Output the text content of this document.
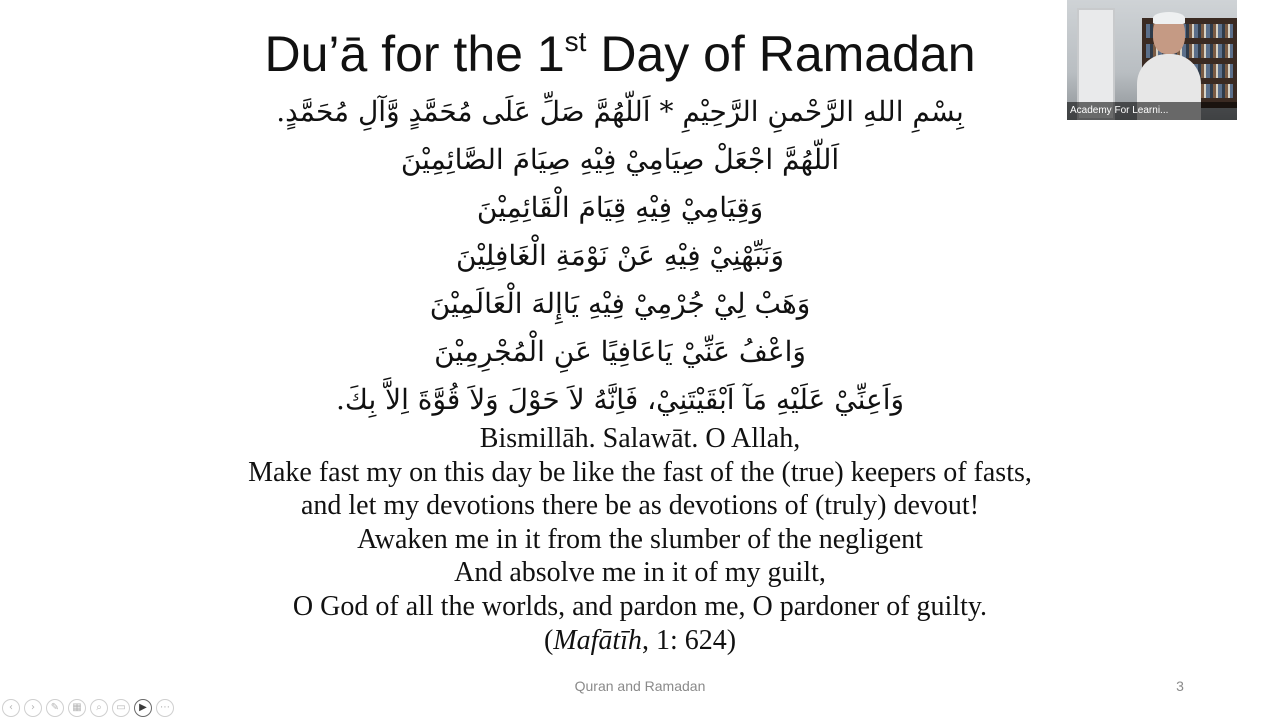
Du’ā for the 1st Day of Ramadan
بِسْمِ اللهِ الرَّحْمنِ الرَّحِيْمِ * اَللّهُمَّ صَلِّ عَلَى مُحَمَّدٍ وَّآلِ مُحَمَّدٍ.
اَللّهُمَّ اجْعَلْ صِيَامِيْ فِيْهِ صِيَامَ الصَّائِمِيْنَ
وَقِيَامِيْ فِيْهِ قِيَامَ الْقَائِمِيْنَ
وَنَبِّهْنِيْ فِيْهِ عَنْ نَوْمَةِ الْغَافِلِيْنَ
وَهَبْ لِيْ جُرْمِيْ فِيْهِ يَاإِلهَ الْعَالَمِيْنَ
وَاعْفُ عَنِّيْ يَاعَافِيًا عَنِ الْمُجْرِمِيْنَ
وَاَعِنِّيْ عَلَيْهِ مَآ اَبْقَيْتَنِيْ، فَاِنَّهُ لاَ حَوْلَ وَلاَ قُوَّةَ اِلاَّ بِكَ.
Bismillāh. Salawāt. O Allah,
Make fast my on this day be like the fast of the (true) keepers of fasts,
and let my devotions there be as devotions of (truly) devout!
Awaken me in it from the slumber of the negligent
And absolve me in it of my guilt,
O God of all the worlds, and pardon me, O pardoner of guilty.
(Mafātīh, 1: 624)
Quran and Ramadan	3
Academy For Learni...
‹	›	✎	▦	⌕	▭	▶	⋯
